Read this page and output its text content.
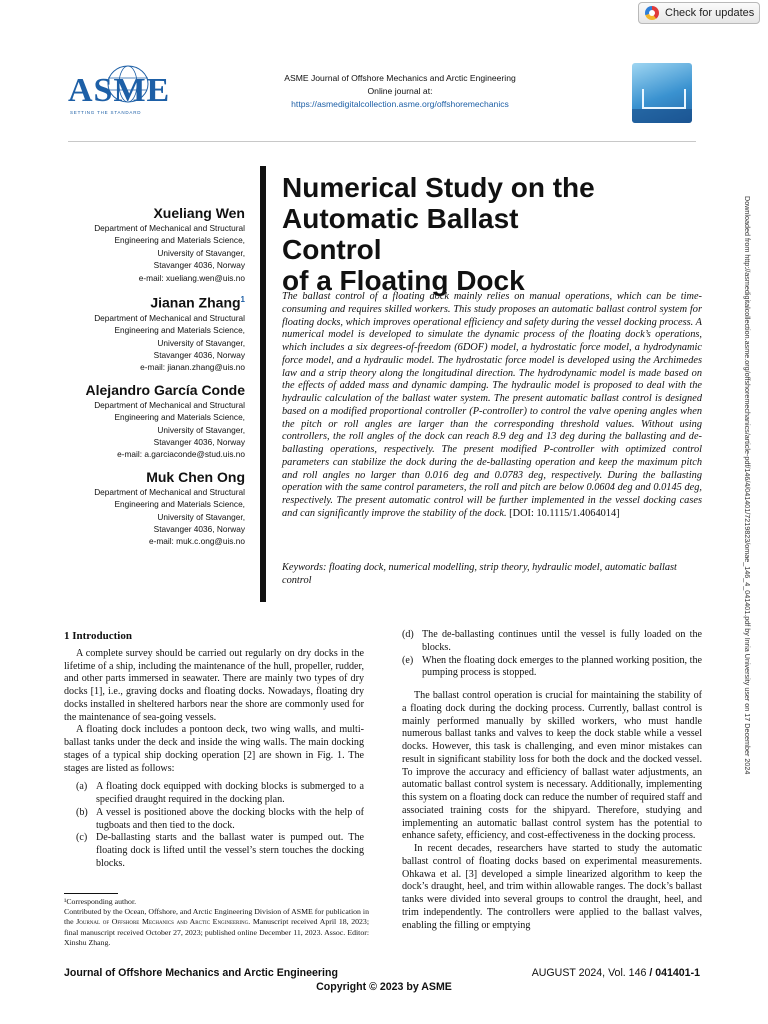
Check for updates
ASME
SETTING THE STANDARD
ASME Journal of Offshore Mechanics and Arctic Engineering
Online journal at:
https://asmedigitalcollection.asme.org/offshoremechanics
Numerical Study on the
Automatic Ballast Control
of a Floating Dock
Xueliang Wen
Department of Mechanical and Structural
Engineering and Materials Science,
University of Stavanger,
Stavanger 4036, Norway
e-mail: xueliang.wen@uis.no
Jianan Zhang$^1$
Department of Mechanical and Structural
Engineering and Materials Science,
University of Stavanger,
Stavanger 4036, Norway
e-mail: jianan.zhang@uis.no
Alejandro García Conde
Department of Mechanical and Structural
Engineering and Materials Science,
University of Stavanger,
Stavanger 4036, Norway
e-mail: a.garciaconde@stud.uis.no
Muk Chen Ong
Department of Mechanical and Structural
Engineering and Materials Science,
University of Stavanger,
Stavanger 4036, Norway
e-mail: muk.c.ong@uis.no
The ballast control of a floating dock mainly relies on manual operations, which can be time-consuming and requires skilled workers. This study proposes an automatic ballast control system for floating docks, which improves operational efficiency and safety during the vessel docking process. A numerical model is developed to simulate the dynamic process of the floating dock’s operations, which includes a six degrees-of-freedom (6DOF) model, a hydrostatic force model, a hydrodynamic force model, and a hydraulic model. The hydrostatic force model is developed using the Archimedes law and a strip theory along the longitudinal direction. The hydrodynamic model is made based on the effects of added mass and dynamic damping. The hydraulic model is proposed to deal with the hydraulic calculation of the ballast water system. The present automatic ballast control is designed based on a modified proportional controller (P-controller) to control the valve opening angles when the pitch or roll angles are larger than the corresponding threshold values. Without using controllers, the roll angles of the dock can reach 8.9 deg and 13 deg during the ballasting and de-ballasting operations, respectively. The present modified P-controller with optimized control parameters can stabilize the dock during the de-ballasting operation and keep the maximum pitch and roll angles no larger than 0.016 deg and 0.0783 deg, respectively. During the ballasting operation with the same control parameters, the roll and pitch are below 0.0604 deg and 0.0145 deg, respectively. The present automatic control will be further implemented in the vessel docking cases and can significantly improve the stability of the dock. [DOI: 10.1115/1.4064014]
Keywords: floating dock, numerical modelling, strip theory, hydraulic model, automatic ballast control
1 Introduction

A complete survey should be carried out regularly on dry docks in the lifetime of a ship, including the maintenance of the hull, propeller, rudder, and other parts immersed in seawater. There are mainly two types of dry docks [1], i.e., graving docks and floating docks. Nowadays, floating dry docks installed in sheltered harbors near the shore are commonly used for the maintenance of sea-going vessels.

A floating dock includes a pontoon deck, two wing walls, and multi-ballast tanks under the deck and inside the wing walls. The main docking stages of a typical ship docking operation [2] are shown in Fig. 1. The stages are listed as follows:

(a) A floating dock equipped with docking blocks is submerged to a specified draught required in the docking plan.
(b) A vessel is positioned above the docking blocks with the help of tugboats and then tied to the dock.
(c) De-ballasting starts and the ballast water is pumped out. The floating dock is lifted until the vessel’s stern touches the docking blocks.

¹Corresponding author.

Contributed by the Ocean, Offshore, and Arctic Engineering Division of ASME for publication in the Journal of Offshore Mechanics and Arctic Engineering. Manuscript received April 18, 2023; final manuscript received October 27, 2023; published online December 11, 2023. Assoc. Editor: Xinshu Zhang.

(d) The de-ballasting continues until the vessel is fully loaded on the blocks.
(e) When the floating dock emerges to the planned working position, the pumping process is stopped.

The ballast control operation is crucial for maintaining the stability of a floating dock during the docking process. Currently, ballast control is mainly performed manually by skilled workers, who must handle numerous ballast tanks and valves to keep the dock stable while a vessel docks. However, this task is challenging, and even minor mistakes can result in significant stability loss for both the dock and the docked vessel. To improve the accuracy and efficiency of ballast water adjustments, an automatic ballast control system is necessary. Additionally, implementing this system on a floating dock can reduce the number of required staff and associated training costs for the shipyard. Therefore, studying and implementing an automatic ballast control system has the potential to enhance safety, efficiency, and cost-effectiveness in the docking process.

In recent decades, researchers have started to study the automatic ballast control of floating docks based on experimental measurements. Ohkawa et al. [3] developed a simple linearized algorithm to keep the dock’s draught, heel, and trim within allowable ranges. The dock’s ballast tanks were divided into several groups to control the draught, heel, and trim independently. The controllers were applied to the ballast valves, enabling the filling or emptying

Journal of Offshore Mechanics and Arctic Engineering	AUGUST 2024, Vol. 146 / 041401-1
Copyright © 2023 by ASME
Downloaded from http://asmedigitalcollection.asme.org/offshoremechanics/article-pdf/146/4/041401/7219823/omae_146_4_041401.pdf by Inria University user on 17 December 2024
